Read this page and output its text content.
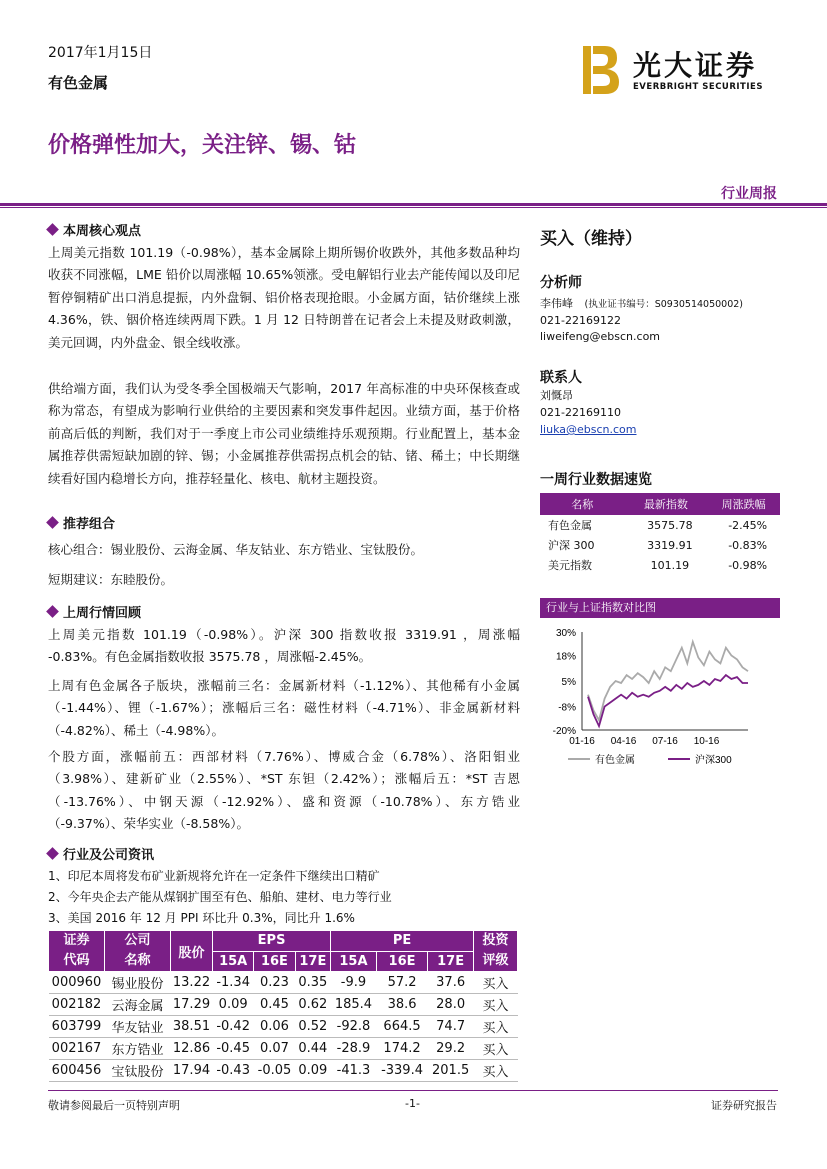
2017年1月15日
有色金属
光大证券
EVERBRIGHT SECURITIES
价格弹性加大，关注锌、锡、钴
行业周报
本周核心观点
上周美元指数 101.19（-0.98%），基本金属除上期所锡价收跌外，其他多数品种均收获不同涨幅，LME 铅价以周涨幅 10.65%领涨。受电解铝行业去产能传闻以及印尼暂停铜精矿出口消息提振，内外盘铜、铝价格表现抢眼。小金属方面，钴价继续上涨 4.36%，铁、铟价格连续两周下跌。1 月 12 日特朗普在记者会上未提及财政刺激，美元回调，内外盘金、银全线收涨。
供给端方面，我们认为受冬季全国极端天气影响，2017 年高标准的中央环保核查或称为常态，有望成为影响行业供给的主要因素和突发事件起因。业绩方面，基于价格前高后低的判断，我们对于一季度上市公司业绩维持乐观预期。行业配置上，基本金属推荐供需短缺加剧的锌、锡；小金属推荐供需拐点机会的钴、锗、稀土；中长期继续看好国内稳增长方向，推荐轻量化、核电、航材主题投资。
推荐组合
核心组合：锡业股份、云海金属、华友钴业、东方锆业、宝钛股份。
短期建议：东睦股份。
上周行情回顾
上周美元指数 101.19（-0.98%）。沪深 300 指数收报 3319.91 ，周涨幅 -0.83%。有色金属指数收报 3575.78 ，周涨幅-2.45%。
上周有色金属各子版块，涨幅前三名：金属新材料（-1.12%）、其他稀有小金属（-1.44%）、锂（-1.67%）；涨幅后三名：磁性材料（-4.71%）、非金属新材料（-4.82%）、稀土（-4.98%）。
个股方面，涨幅前五：西部材料（7.76%）、博威合金（6.78%）、洛阳钼业（3.98%）、建新矿业（2.55%）、*ST 东钽（2.42%）；涨幅后五：*ST 吉恩（-13.76%）、中钢天源（-12.92%）、盛和资源（-10.78%）、东方锆业（-9.37%）、荣华实业（-8.58%）。
行业及公司资讯
1、印尼本周将发布矿业新规将允许在一定条件下继续出口精矿
2、今年央企去产能从煤钢扩围至有色、船舶、建材、电力等行业
3、美国 2016 年 12 月 PPI 环比升 0.3%，同比升 1.6%
证券
代码	公司
名称	股价	EPS			PE			投资
评级
			15A	16E	17E	15A	16E	17E	
000960	锡业股份	13.22	-1.34	0.23	0.35	-9.9	57.2	37.6	买入
002182	云海金属	17.29	0.09	0.45	0.62	185.4	38.6	28.0	买入
603799	华友钴业	38.51	-0.42	0.06	0.52	-92.8	664.5	74.7	买入
002167	东方锆业	12.86	-0.45	0.07	0.44	-28.9	174.2	29.2	买入
600456	宝钛股份	17.94	-0.43	-0.05	0.09	-41.3	-339.4	201.5	买入
买入（维持）
分析师
李伟峰 (执业证书编号：S0930514050002)
021-22169122
liweifeng@ebscn.com
联系人
刘慨昂
021-22169110
liuka@ebscn.com
一周行业数据速览
名称	最新指数	周涨跌幅
有色金属	3575.78	-2.45%
沪深 300	3319.91	-0.83%
美元指数	101.19	-0.98%
行业与上证指数对比图
30%
18%
5%
-8%
-20%
01-16 04-16 07-16 10-16
有色金属	沪深300
敬请参阅最后一页特别声明	-1-	证券研究报告
